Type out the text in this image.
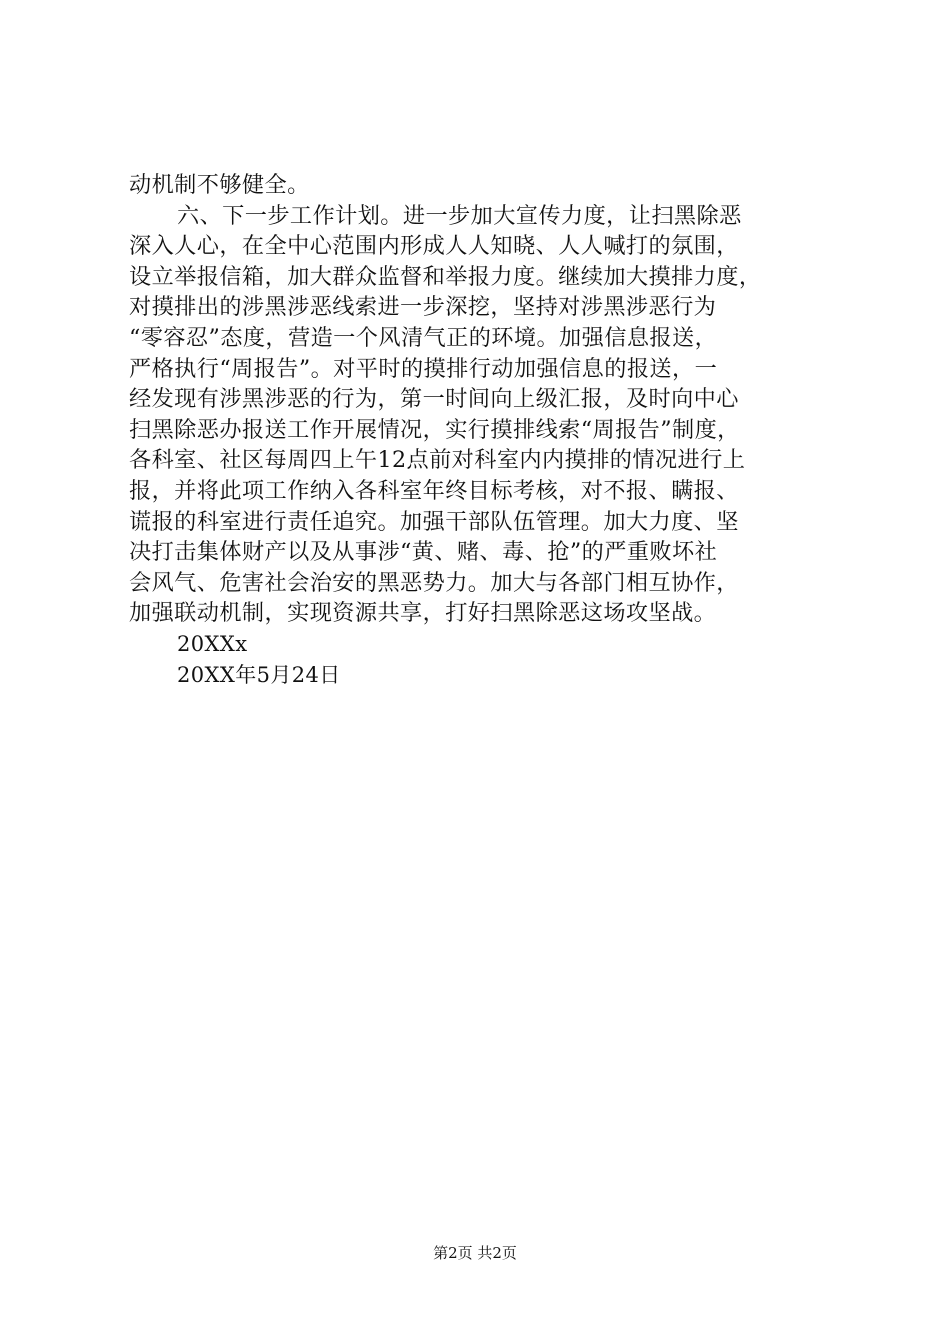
动机制不够健全。
六、下一步工作计划。进一步加大宣传力度，让扫黑除恶
深入人心，在全中心范围内形成人人知晓、人人喊打的氛围，
设立举报信箱，加大群众监督和举报力度。继续加大摸排力度，
对摸排出的涉黑涉恶线索进一步深挖，坚持对涉黑涉恶行为
“零容忍”态度，营造一个风清气正的环境。加强信息报送，
严格执行“周报告”。对平时的摸排行动加强信息的报送，一
经发现有涉黑涉恶的行为，第一时间向上级汇报，及时向中心
扫黑除恶办报送工作开展情况，实行摸排线索“周报告”制度，
各科室、社区每周四上午12点前对科室内内摸排的情况进行上
报，并将此项工作纳入各科室年终目标考核，对不报、瞒报、
谎报的科室进行责任追究。加强干部队伍管理。加大力度、坚
决打击集体财产以及从事涉“黄、赌、毒、抢”的严重败坏社
会风气、危害社会治安的黑恶势力。加大与各部门相互协作，
加强联动机制，实现资源共享，打好扫黑除恶这场攻坚战。
20XXx
20XX年5月24日
第2页 共2页
